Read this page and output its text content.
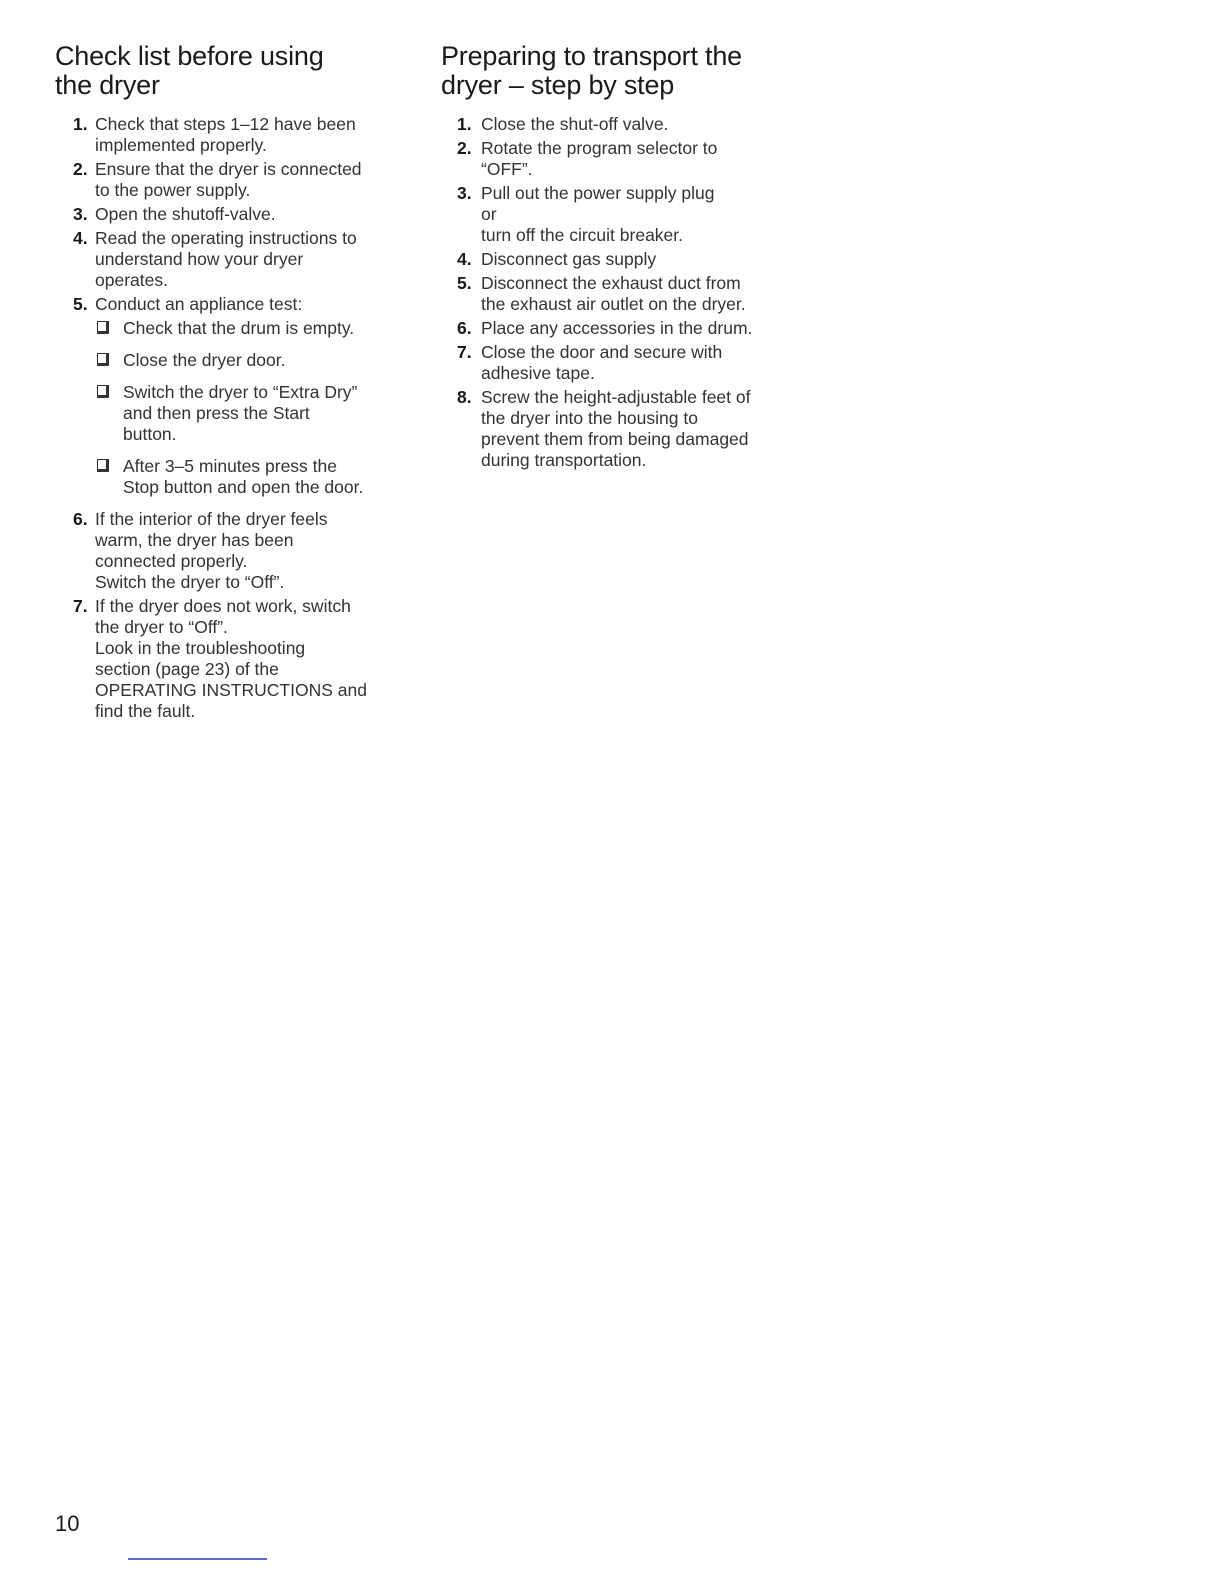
Check list before using
the dryer
1. Check that steps 1–12 have been
implemented properly.
2. Ensure that the dryer is connected
to the power supply.
3. Open the shutoff-valve.
4. Read the operating instructions to
understand how your dryer
operates.
5. Conduct an appliance test:
Check that the drum is empty.
Close the dryer door.
Switch the dryer to “Extra Dry”
and then press the Start
button.
After 3–5 minutes press the
Stop button and open the door.
6. If the interior of the dryer feels
warm, the dryer has been
connected properly.
Switch the dryer to “Off”.
7. If the dryer does not work, switch
the dryer to “Off”.
Look in the troubleshooting
section (page 23) of the
OPERATING INSTRUCTIONS and
find the fault.
Preparing to transport the
dryer – step by step
1. Close the shut-off valve.
2. Rotate the program selector to
“OFF”.
3. Pull out the power supply plug
or
turn off the circuit breaker.
4. Disconnect gas supply
5. Disconnect the exhaust duct from
the exhaust air outlet on the dryer.
6. Place any accessories in the drum.
7. Close the door and secure with
adhesive tape.
8. Screw the height-adjustable feet of
the dryer into the housing to
prevent them from being damaged
during transportation.
10
